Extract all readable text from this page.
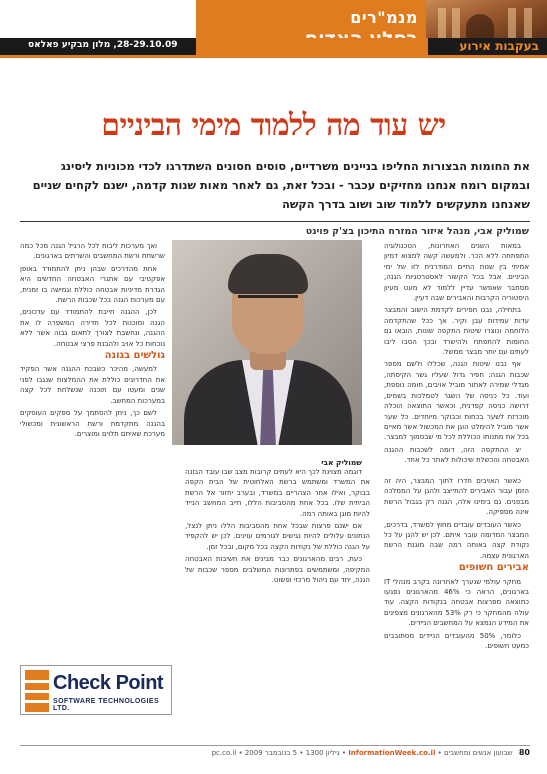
מנמ"רים
בעקבות אירוע
28-29.10.09, מלון מבקיע פאלאס
יש עוד מה ללמוד מימי הביניים

את החומות הבצורות החליפו בניינים משרדיים, סוסים חסונים השתדרגו לכדי מכוניות ליסינג ובמקום רומח אנחנו מחזיקים עכבר - ובכל זאת, גם לאחר מאות שנות קדמה, ישנם לקחים שניים שאנחנו מתעקשים ללמוד שוב ושוב בדרך הקשה

שמוליק אבי, מנהל איזור המזרח התיכון בצ'ק פוינט

במאות השנים האחרונות, הטכנולוגיה התפתחה ללא הכר. ולמעשה קשה למצוא דמיון אמיתי בין שנות התיים המודרנית לזו של ימי הביניים. אבל בכל הקשור לאסטרטגיות הגנה, מסתבר שאפשר עדיין ללמוד לא מעט מעיון היסטוריה הקרבות והאבירים שבה דעיין.

בתחילה, נבנו חפירים לקדמת הישוב והמבצר עדות עמידות עבן וקיר. אך ככל שהתקדמה הלוחמה ונוצרו שיטות התקפה שונות, הובאו גם החומות להתפתח ולהישרד ובכך הסבו ליבו לעתים עם יותר מבצר ממשל.

אף נבנו שיטות הגנה, שכללו ולשם מספר שכבות הגנה: חפיר גדול שעליו גשר הקיסתה, מגדלי שמירה לאתור מוביל אויבים, חומה נוספת, ועוד. כל כניסה של השגר לטמלכות בשמים, דרושה כניסה קפדנית, וכאשר התוצאה הוכלה מוכרזת לשער בכחות וכבוקר מיוחדים. כל שער אשר מוביל להימלט הוגן את המכשול אשר מאיים בכל את מתנותו הכוללת לכל מי שבסמוך למבצר.

יצ ההתקפה הזה, דומה לשכבות ההגנה האבטחה והכשלת שיכולות לאתר כל אחד.

שמוליק אבי

ואך מערכות ליבות לכל הרגיל הגנה מכל כמה שרשתת ורשת המחשבים והשרתים בארגונים.

אחת מהדרכים שבהן ניתן להתמודד באופן אפקטיבי עם אתגרי האבטחה החדשים היא הגדרת מדיניות אבטחה כוללת וגמישה בו זמנית, עם מערכות הגנה בכל שכבות הרשת.

לכן, ההגנה חייבת להתמודד עם עדכונים, הגנה ומוכנות לכל חדירה המשפרה לו את ההגנה, ונחשבת לצורך לתאום גבוה אשר ללא נוכחות כל אויב ולהבנת פרצי אבטחה.

גולשים בגונה

למעשה, מהיכר כשבכת ההגנה אשר הפקיד את החדרונים כוללת את ההמלצות שנגבו לפני שנים ומעטו עם תוכנה שנשלחת לכל קצה במערכות המחשב.

לשם כך, ניתן להסתמך על ספקים העוסקים בהגנה מתקדמת ורשת הראשונית ומכשולי מערכת שאיתם תלוים ומוצרים.

דוגמה מצוינת לכך היא לעתים קרובות מצב שבו עובד הבונה את המשרד ומשתמש ברשת האלחוטית של הבית הקפה בבוקר, ואילו אחר הצהריים במשרד, ובערב יחזור אל הרשת הביתית שלו. בכל אחת מהסביבות הללו, חייב המחשב הנייד להיות מוגן באותה רמה.

אם ישנם פרצות שבכל אחת מהסביבות הללו ניתן לנצל, הנתונים עלולים להיות נגישים לגורמים עוינים. לכן יש להקפיד על הגנה כוללת של נקודות הקצה בכל מקום, ובכל זמן.

כעת, רבים מהארגונים כבר מבינים את חשיבות האבטחה המקיפה, ומשתמשים בפתרונות המשלבים מספר שכבות של הגנה, יחד עם ניהול מרכזי ופשוט.

כאשר האויבים חדרו לתוך המבצר, היה זה הזמן עבור האבירים להתייצב ולהגן על הממלכה מבפנים. גם בימינו אלה, הגנה רק בגבול הרשת אינה מספיקה.

כאשר העובדים עובדים מחוץ למשרד, בדרכים, המבצר המדומה עובר איתם. לכן יש להגן על כל נקודת קצה באותה רמה שבה מוגנת הרשת הארגונית עצמה.

אבירים חשופים

מחקר עולמי שנערך לאחרונה בקרב מנהלי IT בארגונים, הראה כי 46% מהארגונים נפגעו כתוצאה מפרצות אבטחה בנקודות הקצה. עוד עולה מהמחקר כי רק 53% מהארגונים מצפינים את המידע הנמצא על המחשבים הניידים.

כלומר, 50% מהעובדים הניידים מסתובבים כמעט חשופים.

Check Point
SOFTWARE TECHNOLOGIES LTD.
80 שבועון אנשים ומחשבים • InformationWeek.co.il • גיליון 1300 • 5 בנובמבר 2009 • pc.co.il
